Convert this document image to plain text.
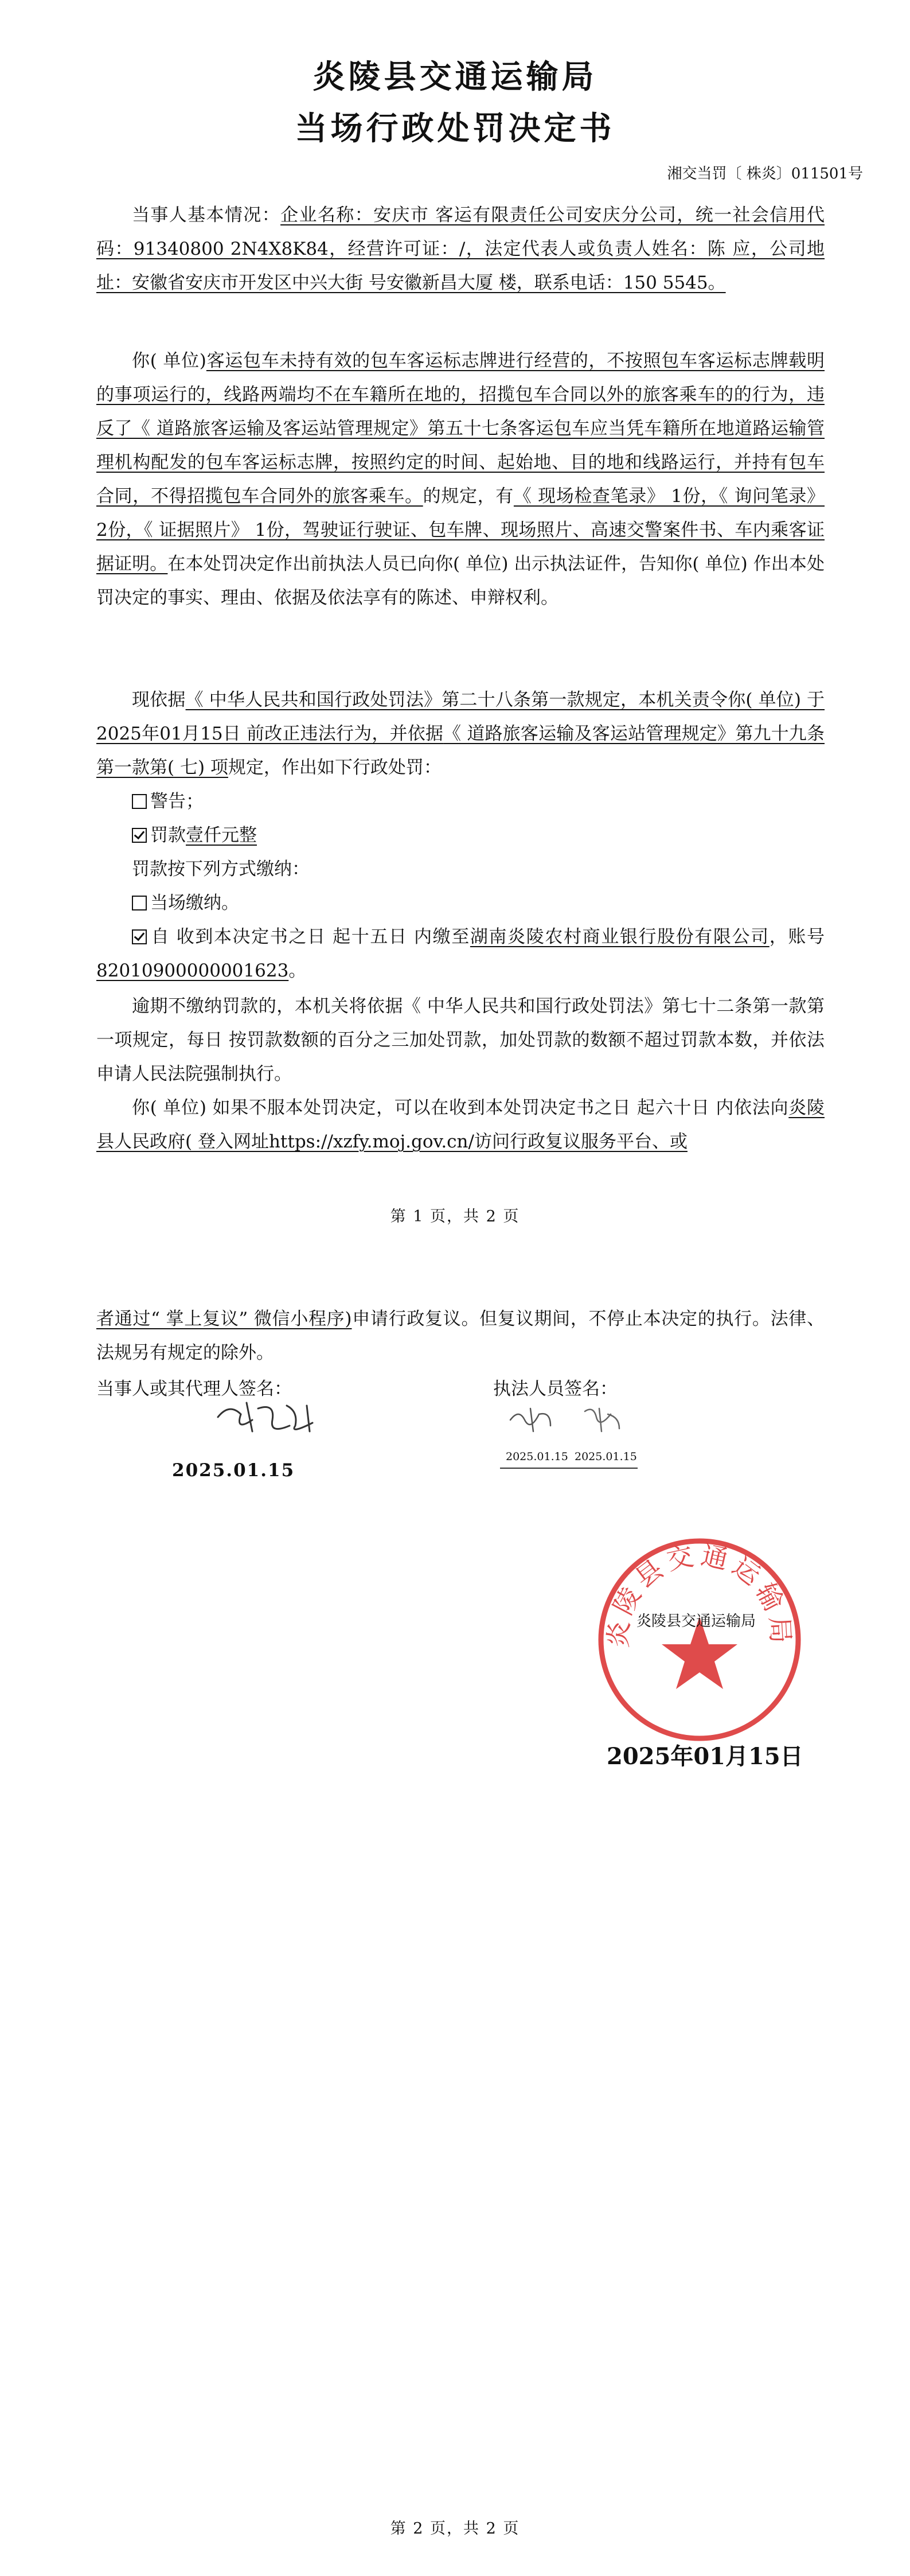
炎陵县交通运输局
当场行政处罚决定书
湘交当罚〔 株炎〕011501号

当事人基本情况：企业名称：安庆市 客运有限责任公司安庆分公司，统一社会信用代码：91340800 2N4X8K84，经营许可证：/，法定代表人或负责人姓名：陈 应，公司地址：安徽省安庆市开发区中兴大街 号安徽新昌大厦 楼，联系电话：150 5545。

你( 单位)客运包车未持有效的包车客运标志牌进行经营的，不按照包车客运标志牌载明的事项运行的，线路两端均不在车籍所在地的，招揽包车合同以外的旅客乘车的的行为，违反了《 道路旅客运输及客运站管理规定》第五十七条客运包车应当凭车籍所在地道路运输管理机构配发的包车客运标志牌，按照约定的时间、起始地、目的地和线路运行，并持有包车合同，不得招揽包车合同外的旅客乘车。的规定，有《 现场检查笔录》 1份，《 询问笔录》 2份，《 证据照片》 1份，驾驶证行驶证、包车牌、现场照片、高速交警案件书、车内乘客证据证明。在本处罚决定作出前执法人员已向你( 单位) 出示执法证件，告知你( 单位) 作出本处罚决定的事实、理由、依据及依法享有的陈述、申辩权利。

现依据《 中华人民共和国行政处罚法》第二十八条第一款规定，本机关责令你( 单位) 于2025年01月15日 前改正违法行为，并依据《 道路旅客运输及客运站管理规定》第九十九条第一款第( 七) 项规定，作出如下行政处罚：

警告；

罚款壹仟元整

罚款按下列方式缴纳：

当场缴纳。

自 收到本决定书之日 起十五日 内缴至湖南炎陵农村商业银行股份有限公司，账号 82010900000001623。

逾期不缴纳罚款的，本机关将依据《 中华人民共和国行政处罚法》第七十二条第一款第一项规定，每日 按罚款数额的百分之三加处罚款，加处罚款的数额不超过罚款本数，并依法申请人民法院强制执行。

你( 单位) 如果不服本处罚决定，可以在收到本处罚决定书之日 起六十日 内依法向炎陵县人民政府( 登入网址https://xzfy.moj.gov.cn/访问行政复议服务平台、或

第 1 页，共 2 页

者通过“ 掌上复议” 微信小程序)申请行政复议。但复议期间，不停止本决定的执行。法律、法规另有规定的除外。

当事人或其代理人签名：
2025.01.15
执法人员签名：
2025.01.15 2025.01.15
炎陵县交通运输局
炎陵县交通运输局
2025年01月15日
第 2 页，共 2 页
